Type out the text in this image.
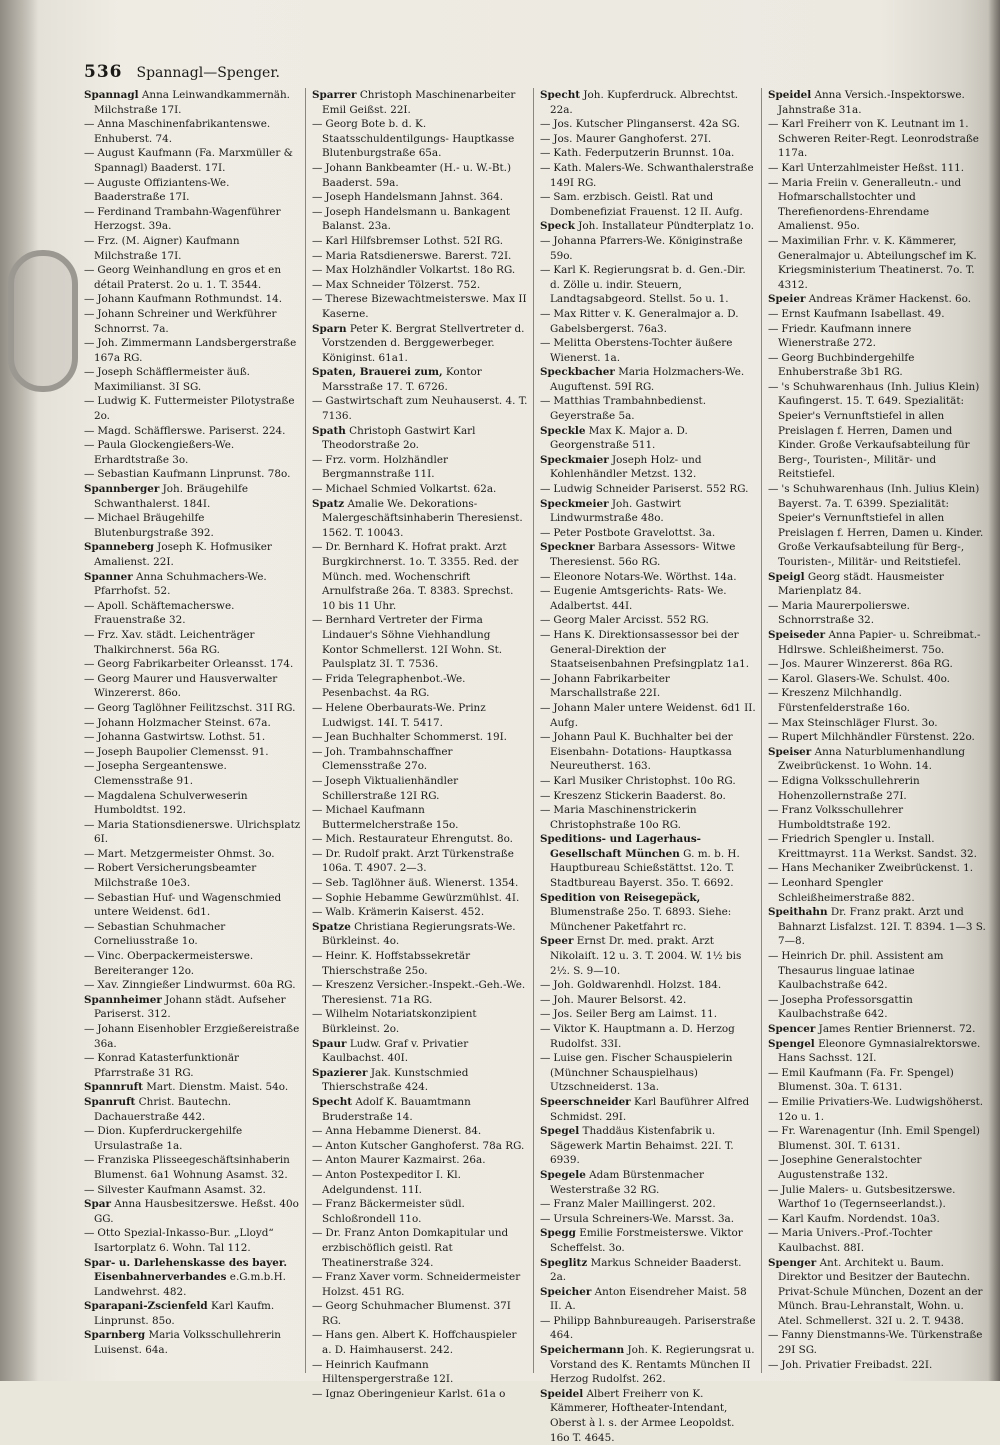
536 Spannagl—Spenger.

Spannagl Anna Leinwandkammernäh. Milchstraße 17I.

— Anna Maschinenfabrikantenswe. Enhuberst. 74.

— August Kaufmann (Fa. Marxmüller & Spannagl) Baaderst. 17I.

— Auguste Offiziantens-We. Baaderstraße 17I.

— Ferdinand Trambahn-Wagenführer Herzogst. 39a.

— Frz. (M. Aigner) Kaufmann Milchstraße 17I.

— Georg Weinhandlung en gros et en détail Praterst. 2o u. 1. T. 3544.

— Johann Kaufmann Rothmundst. 14.

— Johann Schreiner und Werkführer Schnorrst. 7a.

— Joh. Zimmermann Landsbergerstraße 167a RG.

— Joseph Schäfflermeister äuß. Maximilianst. 3I SG.

— Ludwig K. Futtermeister Pilotystraße 2o.

— Magd. Schäfflerswe. Pariserst. 224.

— Paula Glockengießers-We. Erhardtstraße 3o.

— Sebastian Kaufmann Linprunst. 78o.

Spannberger Joh. Bräugehilfe Schwanthalerst. 184I.

— Michael Bräugehilfe Blutenburgstraße 392.

Spanneberg Joseph K. Hofmusiker Amalienst. 22I.

Spanner Anna Schuhmachers-We. Pfarrhofst. 52.

— Apoll. Schäftemacherswe. Frauenstraße 32.

— Frz. Xav. städt. Leichenträger Thalkirchnerst. 56a RG.

— Georg Fabrikarbeiter Orleansst. 174.

— Georg Maurer und Hausverwalter Winzererst. 86o.

— Georg Taglöhner Feilitzschst. 31I RG.

— Johann Holzmacher Steinst. 67a.

— Johanna Gastwirtsw. Lothst. 51.

— Joseph Baupolier Clemensst. 91.

— Josepha Sergeantenswe. Clemensstraße 91.

— Magdalena Schulverweserin Humboldtst. 192.

— Maria Stationsdienerswe. Ulrichsplatz 6I.

— Mart. Metzgermeister Ohmst. 3o.

— Robert Versicherungsbeamter Milchstraße 10e3.

— Sebastian Huf- und Wagenschmied untere Weidenst. 6d1.

— Sebastian Schuhmacher Corneliusstraße 1o.

— Vinc. Oberpackermeisterswe. Bereiteranger 12o.

— Xav. Zinngießer Lindwurmst. 60a RG.

Spannheimer Johann städt. Aufseher Pariserst. 312.

— Johann Eisenhobler Erzgießereistraße 36a.

— Konrad Katasterfunktionär Pfarrstraße 31 RG.

Spannruft Mart. Dienstm. Maist. 54o.

Spanruft Christ. Bautechn. Dachauerstraße 442.

— Dion. Kupferdruckergehilfe Ursulastraße 1a.

— Franziska Plisseegeschäftsinhaberin Blumenst. 6a1 Wohnung Asamst. 32.

— Silvester Kaufmann Asamst. 32.

Spar Anna Hausbesitzerswe. Heßst. 40o GG.

— Otto Spezial-Inkasso-Bur. „Lloyd“ Isartorplatz 6. Wohn. Tal 112.

Spar- u. Darlehenskasse des bayer. Eisenbahnerverbandes e.G.m.b.H. Landwehrst. 482.

Sparapani-Zscienfeld Karl Kaufm. Linprunst. 85o.

Sparnberg Maria Volksschullehrerin Luisenst. 64a.

Sparrer Christoph Maschinenarbeiter Emil Geißst. 22I.

— Georg Bote b. d. K. Staatsschuldentilgungs- Hauptkasse Blutenburgstraße 65a.

— Johann Bankbeamter (H.- u. W.-Bt.) Baaderst. 59a.

— Joseph Handelsmann Jahnst. 364.

— Joseph Handelsmann u. Bankagent Balanst. 23a.

— Karl Hilfsbremser Lothst. 52I RG.

— Maria Ratsdienerswe. Barerst. 72I.

— Max Holzhändler Volkartst. 18o RG.

— Max Schneider Tölzerst. 752.

— Therese Bizewachtmeisterswe. Max II Kaserne.

Sparn Peter K. Bergrat Stellvertreter d. Vorstzenden d. Berggewerbeger. Königinst. 61a1.

Spaten, Brauerei zum, Kontor Marsstraße 17. T. 6726.

— Gastwirtschaft zum Neuhauserst. 4. T. 7136.

Spath Christoph Gastwirt Karl Theodorstraße 2o.

— Frz. vorm. Holzhändler Bergmannstraße 11I.

— Michael Schmied Volkartst. 62a.

Spatz Amalie We. Dekorations-Malergeschäftsinhaberin Theresienst. 1562. T. 10043.

— Dr. Bernhard K. Hofrat prakt. Arzt Burgkirchnerst. 1o. T. 3355. Red. der Münch. med. Wochenschrift Arnulfstraße 26a. T. 8383. Sprechst. 10 bis 11 Uhr.

— Bernhard Vertreter der Firma Lindauer's Söhne Viehhandlung Kontor Schmellerst. 12I Wohn. St. Paulsplatz 3I. T. 7536.

— Frida Telegraphenbot.-We. Pesenbachst. 4a RG.

— Helene Oberbaurats-We. Prinz Ludwigst. 14I. T. 5417.

— Jean Buchhalter Schommerst. 19I.

— Joh. Trambahnschaffner Clemensstraße 27o.

— Joseph Viktualienhändler Schillerstraße 12I RG.

— Michael Kaufmann Buttermelcherstraße 15o.

— Mich. Restaurateur Ehrengutst. 8o.

— Dr. Rudolf prakt. Arzt Türkenstraße 106a. T. 4907. 2—3.

— Seb. Taglöhner äuß. Wienerst. 1354.

— Sophie Hebamme Gewürzmühlst. 4I.

— Walb. Krämerin Kaiserst. 452.

Spatze Christiana Regierungsrats-We. Bürkleinst. 4o.

— Heinr. K. Hoffstabssekretär Thierschstraße 25o.

— Kreszenz Versicher.-Inspekt.-Geh.-We. Theresienst. 71a RG.

— Wilhelm Notariatskonzipient Bürkleinst. 2o.

Spaur Ludw. Graf v. Privatier Kaulbachst. 40I.

Spazierer Jak. Kunstschmied Thierschstraße 424.

Specht Adolf K. Bauamtmann Bruderstraße 14.

— Anna Hebamme Dienerst. 84.

— Anton Kutscher Ganghoferst. 78a RG.

— Anton Maurer Kazmairst. 26a.

— Anton Postexpeditor I. Kl. Adelgundenst. 11I.

— Franz Bäckermeister südl. Schloßrondell 11o.

— Dr. Franz Anton Domkapitular und erzbischöflich geistl. Rat Theatinerstraße 324.

— Franz Xaver vorm. Schneidermeister Holzst. 451 RG.

— Georg Schuhmacher Blumenst. 37I RG.

— Hans gen. Albert K. Hoffchauspieler a. D. Haimhauserst. 242.

— Heinrich Kaufmann Hiltenspergerstraße 12I.

— Ignaz Oberingenieur Karlst. 61a o

Specht Joh. Kupferdruck. Albrechtst. 22a.

— Jos. Kutscher Plinganserst. 42a SG.

— Jos. Maurer Ganghoferst. 27I.

— Kath. Federputzerin Brunnst. 10a.

— Kath. Malers-We. Schwanthalerstraße 149I RG.

— Sam. erzbisch. Geistl. Rat und Dombenefiziat Frauenst. 12 II. Aufg.

Speck Joh. Installateur Pündterplatz 1o.

— Johanna Pfarrers-We. Königinstraße 59o.

— Karl K. Regierungsrat b. d. Gen.-Dir. d. Zölle u. indir. Steuern, Landtagsabgeord. Stellst. 5o u. 1.

— Max Ritter v. K. Generalmajor a. D. Gabelsbergerst. 76a3.

— Melitta Oberstens-Tochter äußere Wienerst. 1a.

Speckbacher Maria Holzmachers-We. Auguftenst. 59I RG.

— Matthias Trambahnbedienst. Geyerstraße 5a.

Speckle Max K. Major a. D. Georgenstraße 511.

Speckmaier Joseph Holz- und Kohlenhändler Metzst. 132.

— Ludwig Schneider Pariserst. 552 RG.

Speckmeier Joh. Gastwirt Lindwurmstraße 48o.

— Peter Postbote Gravelottst. 3a.

Speckner Barbara Assessors- Witwe Theresienst. 56o RG.

— Eleonore Notars-We. Wörthst. 14a.

— Eugenie Amtsgerichts- Rats- We. Adalbertst. 44I.

— Georg Maler Arcisst. 552 RG.

— Hans K. Direktionsassessor bei der General-Direktion der Staatseisenbahnen Prefsingplatz 1a1.

— Johann Fabrikarbeiter Marschallstraße 22I.

— Johann Maler untere Weidenst. 6d1 II. Aufg.

— Johann Paul K. Buchhalter bei der Eisenbahn- Dotations- Hauptkassa Neureutherst. 163.

— Karl Musiker Christophst. 10o RG.

— Kreszenz Stickerin Baaderst. 8o.

— Maria Maschinenstrickerin Christophstraße 10o RG.

Speditions- und Lagerhaus-Gesellschaft München G. m. b. H. Hauptbureau Schießstättst. 12o. T. Stadtbureau Bayerst. 35o. T. 6692.

Spedition von Reisegepäck, Blumenstraße 25o. T. 6893. Siehe: Münchener Paketfahrt rc.

Speer Ernst Dr. med. prakt. Arzt Nikolaiſt. 12 u. 3. T. 2004. W. 1½ bis 2½. S. 9—10.

— Joh. Goldwarenhdl. Holzst. 184.

— Joh. Maurer Belsorst. 42.

— Jos. Seiler Berg am Laimst. 11.

— Viktor K. Hauptmann a. D. Herzog Rudolfst. 33I.

— Luise gen. Fischer Schauspielerin (Münchner Schauspielhaus) Utzschneiderst. 13a.

Speerschneider Karl Bauführer Alfred Schmidst. 29I.

Spegel Thaddäus Kistenfabrik u. Sägewerk Martin Behaimst. 22I. T. 6939.

Spegele Adam Bürstenmacher Westerstraße 32 RG.

— Franz Maler Maillingerst. 202.

— Ursula Schreiners-We. Marsst. 3a.

Spegg Emilie Forstmeisterswe. Viktor Scheffelst. 3o.

Speglitz Markus Schneider Baaderst. 2a.

Speicher Anton Eisendreher Maist. 58 II. A.

— Philipp Bahnbureaugeh. Pariserstraße 464.

Speichermann Joh. K. Regierungsrat u. Vorstand des K. Rentamts München II Herzog Rudolfst. 262.

Speidel Albert Freiherr von K. Kämmerer, Hoftheater-Intendant, Oberst à l. s. der Armee Leopoldst. 16o T. 4645.

Speidel Anna Versich.-Inspektorswe. Jahnstraße 31a.

— Karl Freiherr von K. Leutnant im 1. Schweren Reiter-Regt. Leonrodstraße 117a.

— Karl Unterzahlmeister Heßst. 111.

— Maria Freiin v. Generalleutn.- und Hofmarschallstochter und Therefienordens-Ehrendame Amalienst. 95o.

— Maximilian Frhr. v. K. Kämmerer, Generalmajor u. Abteilungschef im K. Kriegsministerium Theatinerst. 7o. T. 4312.

Speier Andreas Krämer Hackenst. 6o.

— Ernst Kaufmann Isabellast. 49.

— Friedr. Kaufmann innere Wienerstraße 272.

— Georg Buchbindergehilfe Enhuberstraße 3b1 RG.

— 's Schuhwarenhaus (Inh. Julius Klein) Kaufingerst. 15. T. 649. Spezialität: Speier's Vernunftstiefel in allen Preislagen f. Herren, Damen und Kinder. Große Verkaufsabteilung für Berg-, Touristen-, Militär- und Reitstiefel.

— 's Schuhwarenhaus (Inh. Julius Klein) Bayerst. 7a. T. 6399. Spezialität: Speier's Vernunftstiefel in allen Preislagen f. Herren, Damen u. Kinder. Große Verkaufsabteilung für Berg-, Touristen-, Militär- und Reitstiefel.

Speigl Georg städt. Hausmeister Marienplatz 84.

— Maria Maurerpolierswe. Schnorrstraße 32.

Speiseder Anna Papier- u. Schreibmat.-Hdlrswe. Schleißheimerst. 75o.

— Jos. Maurer Winzererst. 86a RG.

— Karol. Glasers-We. Schulst. 40o.

— Kreszenz Milchhandlg. Fürstenfelderstraße 16o.

— Max Steinschläger Flurst. 3o.

— Rupert Milchhändler Fürstenst. 22o.

Speiser Anna Naturblumenhandlung Zweibrückenst. 1o Wohn. 14.

— Edigna Volksschullehrerin Hohenzollernstraße 27I.

— Franz Volksschullehrer Humboldtstraße 192.

— Friedrich Spengler u. Install. Kreittmayrst. 11a Werkst. Sandst. 32.

— Hans Mechaniker Zweibrückenst. 1.

— Leonhard Spengler Schleißheimerstraße 882.

Speithahn Dr. Franz prakt. Arzt und Bahnarzt Lisfalzst. 12I. T. 8394. 1—3 S. 7—8.

— Heinrich Dr. phil. Assistent am Thesaurus linguae latinae Kaulbachstraße 642.

— Josepha Professorsgattin Kaulbachstraße 642.

Spencer James Rentier Briennerst. 72.

Spengel Eleonore Gymnasialrektorswe. Hans Sachsst. 12I.

— Emil Kaufmann (Fa. Fr. Spengel) Blumenst. 30a. T. 6131.

— Emilie Privatiers-We. Ludwigshöherst. 12o u. 1.

— Fr. Warenagentur (Inh. Emil Spengel) Blumenst. 30I. T. 6131.

— Josephine Generalstochter Augustenstraße 132.

— Julie Malers- u. Gutsbesitzerswe. Warthof 1o (Tegernseerlandst.).

— Karl Kaufm. Nordendst. 10a3.

— Maria Univers.-Prof.-Tochter Kaulbachst. 88I.

Spenger Ant. Architekt u. Baum. Direktor und Besitzer der Bautechn. Privat-Schule München, Dozent an der Münch. Brau-Lehranstalt, Wohn. u. Atel. Schmellerst. 32I u. 2. T. 9438.

— Fanny Dienstmanns-We. Türkenstraße 29I SG.

— Joh. Privatier Freibadst. 22I.
